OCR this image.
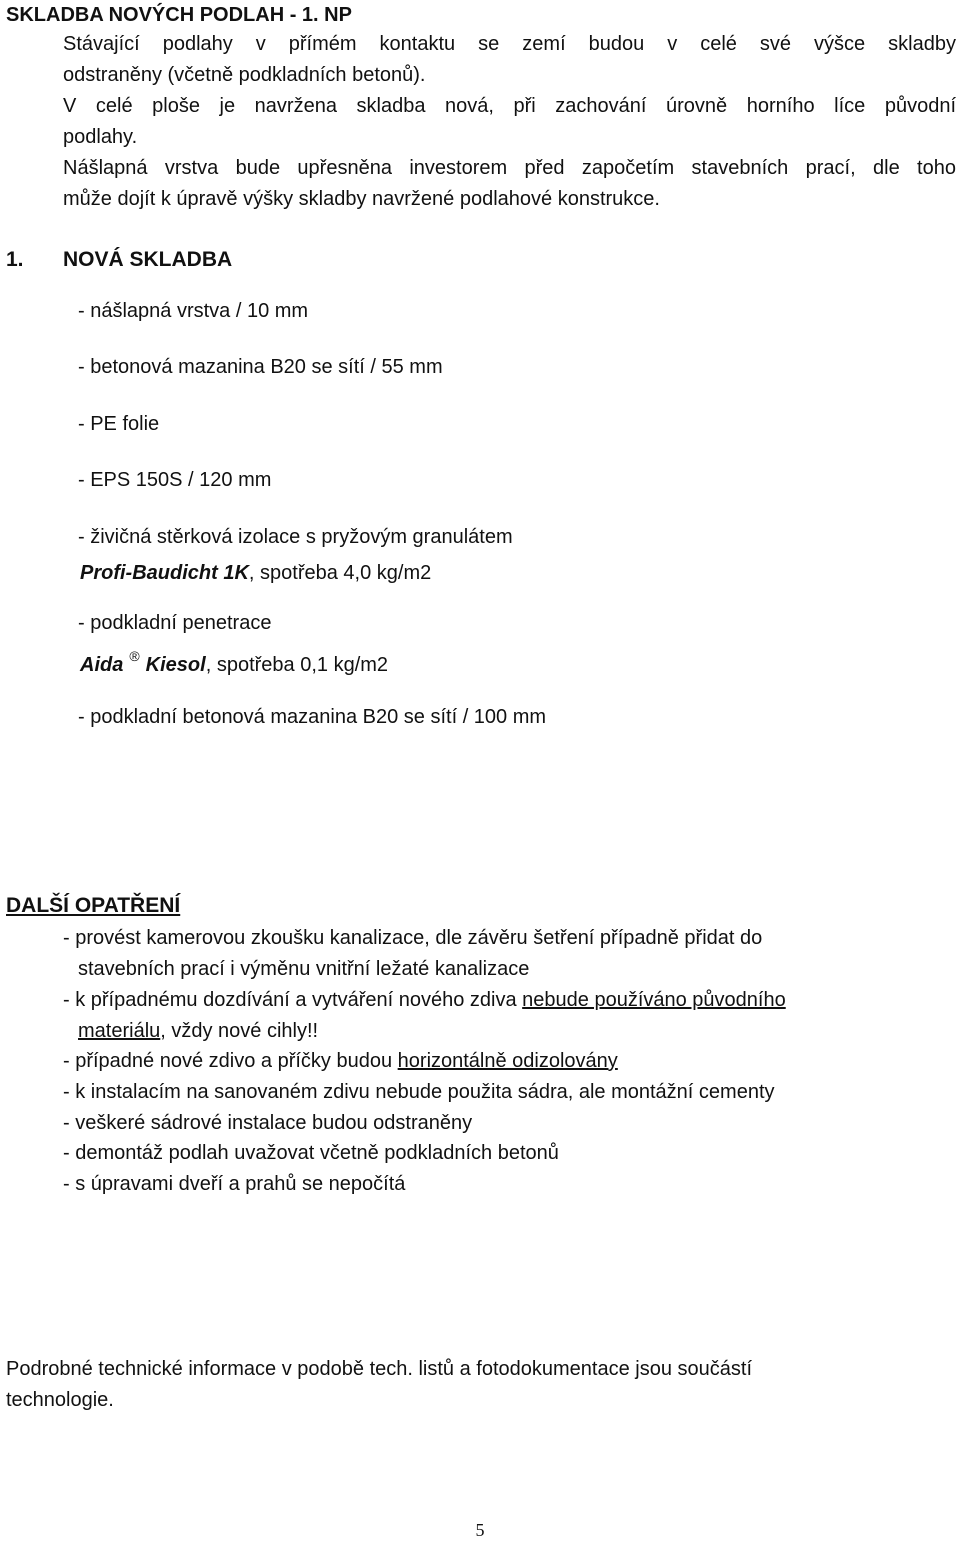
SKLADBA NOVÝCH PODLAH - 1. NP
Stávající podlahy v přímém kontaktu se zemí budou v celé své výšce skladby
odstraněny (včetně podkladních betonů).
V celé ploše je navržena skladba nová, při zachování úrovně horního líce původní
podlahy.
Nášlapná vrstva bude upřesněna investorem před započetím stavebních prací, dle toho
může dojít k úpravě výšky skladby navržené podlahové konstrukce.
1. NOVÁ SKLADBA
- nášlapná vrstva / 10 mm
- betonová mazanina B20 se sítí / 55 mm
- PE folie
- EPS 150S / 120 mm
- živičná stěrková izolace s pryžovým granulátem
Profi-Baudicht 1K, spotřeba 4,0 kg/m2
- podkladní penetrace
Aida ® Kiesol, spotřeba 0,1 kg/m2
- podkladní betonová mazanina B20 se sítí / 100 mm
DALŠÍ OPATŘENÍ
- provést kamerovou zkoušku kanalizace, dle závěru šetření případně přidat do
stavebních prací i výměnu vnitřní ležaté kanalizace
- k případnému dozdívání a vytváření nového zdiva nebude používáno původního
materiálu, vždy nové cihly!!
- případné nové zdivo a příčky budou horizontálně odizolovány
- k instalacím na sanovaném zdivu nebude použita sádra, ale montážní cementy
- veškeré sádrové instalace budou odstraněny
- demontáž podlah uvažovat včetně podkladních betonů
- s úpravami dveří a prahů se nepočítá
Podrobné technické informace v podobě tech. listů a fotodokumentace jsou součástí
technologie.
5
